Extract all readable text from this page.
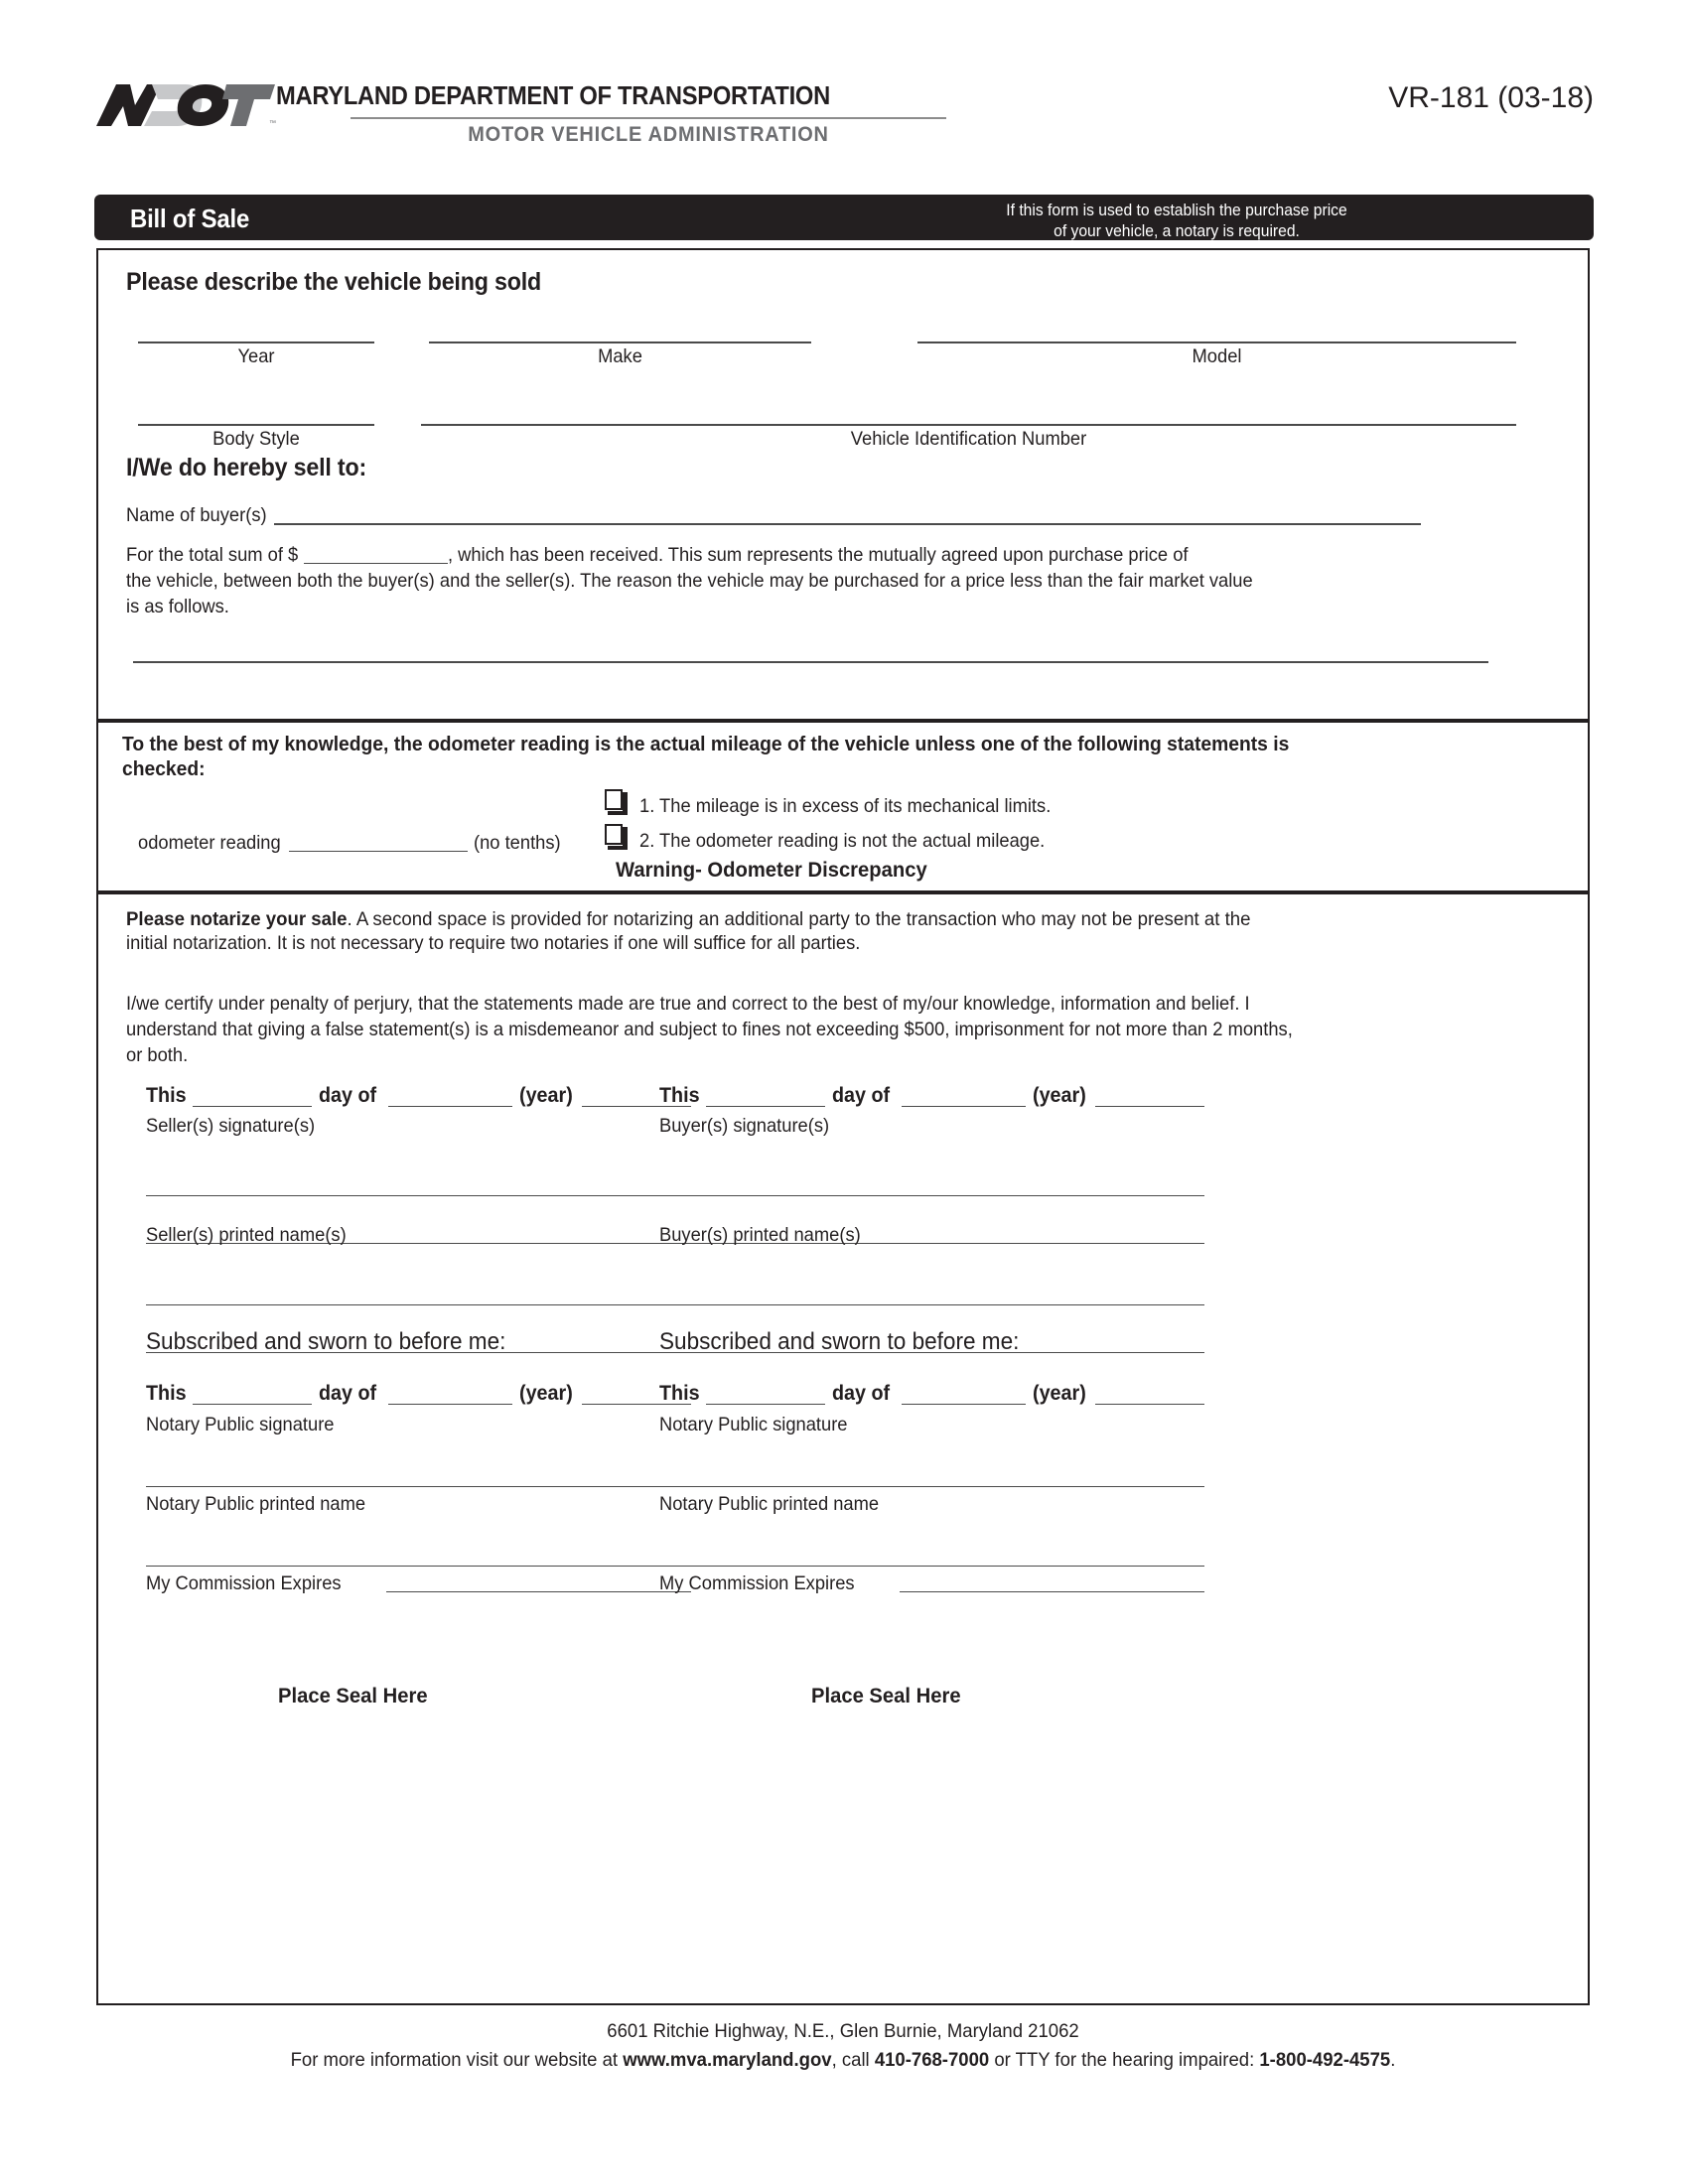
™
MARYLAND DEPARTMENT OF TRANSPORTATION
MOTOR VEHICLE ADMINISTRATION
VR-181 (03-18)
Bill of Sale	If this form is used to establish the purchase price
of your vehicle, a notary is required.
Please describe the vehicle being sold
Year	Make	Model
Body Style	Vehicle Identification Number
I/We do hereby sell to:
Name of buyer(s)
For the total sum of $	, which has been received. This sum represents the mutually agreed upon purchase price of
the vehicle, between both the buyer(s) and the seller(s). The reason the vehicle may be purchased for a price less than the fair market value
is as follows.
To the best of my knowledge, the odometer reading is the actual mileage of the vehicle unless one of the following statements is
checked:
odometer reading	(no tenths)
1. The mileage is in excess of its mechanical limits.
2. The odometer reading is not the actual mileage.
Warning- Odometer Discrepancy
Please notarize your sale. A second space is provided for notarizing an additional party to the transaction who may not be present at the
initial notarization. It is not necessary to require two notaries if one will suffice for all parties.
I/we certify under penalty of perjury, that the statements made are true and correct to the best of my/our knowledge, information and belief. I
understand that giving a false statement(s) is a misdemeanor and subject to fines not exceeding $500, imprisonment for not more than 2 months,
or both.
This	day of	(year)
Seller(s) signature(s)
Seller(s) printed name(s)
Subscribed and sworn to before me:
This	day of	(year)
Notary Public signature
Notary Public printed name
My Commission Expires
Place Seal Here
This	day of	(year)
Buyer(s) signature(s)
Buyer(s) printed name(s)
Subscribed and sworn to before me:
This	day of	(year)
Notary Public signature
Notary Public printed name
My Commission Expires
Place Seal Here
6601 Ritchie Highway, N.E., Glen Burnie, Maryland 21062
For more information visit our website at www.mva.maryland.gov, call 410-768-7000 or TTY for the hearing impaired: 1-800-492-4575.
